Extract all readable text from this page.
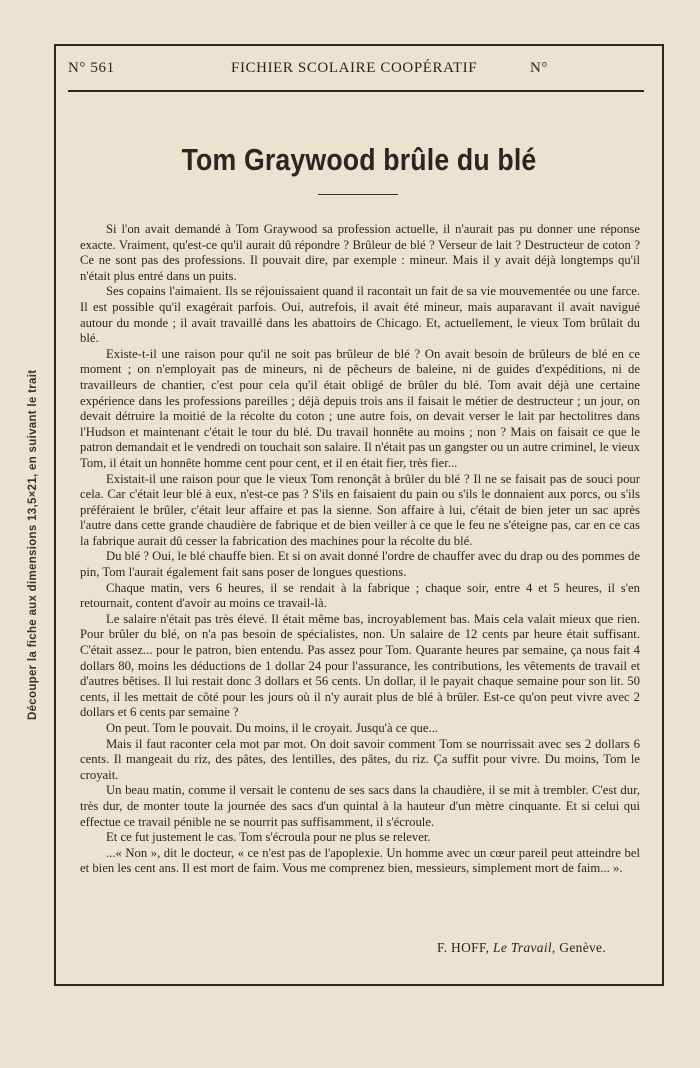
Découper la fiche aux dimensions 13,5×21, en suivant le trait
N° 561	FICHIER SCOLAIRE COOPÉRATIF	N°
Tom Graywood brûle du blé

Si l'on avait demandé à Tom Graywood sa profession actuelle, il n'aurait pas pu donner une réponse exacte. Vraiment, qu'est-ce qu'il aurait dû répondre ? Brûleur de blé ? Verseur de lait ? Destructeur de coton ? Ce ne sont pas des professions. Il pouvait dire, par exemple : mineur. Mais il y avait déjà longtemps qu'il n'était plus entré dans un puits.

Ses copains l'aimaient. Ils se réjouissaient quand il racontait un fait de sa vie mouvementée ou une farce. Il est possible qu'il exagérait parfois. Oui, autrefois, il avait été mineur, mais auparavant il avait navigué autour du monde ; il avait travaillé dans les abattoirs de Chicago. Et, actuellement, le vieux Tom brûlait du blé.

Existe-t-il une raison pour qu'il ne soit pas brûleur de blé ? On avait besoin de brûleurs de blé en ce moment ; on n'employait pas de mineurs, ni de pêcheurs de baleine, ni de guides d'expéditions, ni de travailleurs de chantier, c'est pour cela qu'il était obligé de brûler du blé. Tom avait déjà une certaine expérience dans les professions pareilles ; déjà depuis trois ans il faisait le métier de destructeur ; un jour, on devait détruire la moitié de la récolte du coton ; une autre fois, on devait verser le lait par hectolitres dans l'Hudson et maintenant c'était le tour du blé. Du travail honnête au moins ; non ? Mais on faisait ce que le patron demandait et le vendredi on touchait son salaire. Il n'était pas un gangster ou un autre criminel, le vieux Tom, il était un honnête homme cent pour cent, et il en était fier, très fier...

Existait-il une raison pour que le vieux Tom renonçât à brûler du blé ? Il ne se faisait pas de souci pour cela. Car c'était leur blé à eux, n'est-ce pas ? S'ils en faisaient du pain ou s'ils le donnaient aux porcs, ou s'ils préféraient le brûler, c'était leur affaire et pas la sienne. Son affaire à lui, c'était de bien jeter un sac après l'autre dans cette grande chaudière de fabrique et de bien veiller à ce que le feu ne s'éteigne pas, car en ce cas la fabrique aurait dû cesser la fabrication des machines pour la récolte du blé.

Du blé ? Oui, le blé chauffe bien. Et si on avait donné l'ordre de chauffer avec du drap ou des pommes de pin, Tom l'aurait également fait sans poser de longues questions.

Chaque matin, vers 6 heures, il se rendait à la fabrique ; chaque soir, entre 4 et 5 heures, il s'en retournait, content d'avoir au moins ce travail-là.

Le salaire n'était pas très élevé. Il était même bas, incroyablement bas. Mais cela valait mieux que rien. Pour brûler du blé, on n'a pas besoin de spécialistes, non. Un salaire de 12 cents par heure était suffisant. C'était assez... pour le patron, bien entendu. Pas assez pour Tom. Quarante heures par semaine, ça nous fait 4 dollars 80, moins les déductions de 1 dollar 24 pour l'assurance, les contributions, les vêtements de travail et d'autres bêtises. Il lui restait donc 3 dollars et 56 cents. Un dollar, il le payait chaque semaine pour son lit. 50 cents, il les mettait de côté pour les jours où il n'y aurait plus de blé à brûler. Est-ce qu'on peut vivre avec 2 dollars et 6 cents par semaine ?

On peut. Tom le pouvait. Du moins, il le croyait. Jusqu'à ce que...

Mais il faut raconter cela mot par mot. On doit savoir comment Tom se nourrissait avec ses 2 dollars 6 cents. Il mangeait du riz, des pâtes, des lentilles, des pâtes, du riz. Ça suffit pour vivre. Du moins, Tom le croyait.

Un beau matin, comme il versait le contenu de ses sacs dans la chaudière, il se mit à trembler. C'est dur, très dur, de monter toute la journée des sacs d'un quintal à la hauteur d'un mètre cinquante. Et si celui qui effectue ce travail pénible ne se nourrit pas suffisamment, il s'écroule.

Et ce fut justement le cas. Tom s'écroula pour ne plus se relever.

...« Non », dit le docteur, « ce n'est pas de l'apoplexie. Un homme avec un cœur pareil peut atteindre bel et bien les cent ans. Il est mort de faim. Vous me comprenez bien, messieurs, simplement mort de faim... ».

F. HOFF, Le Travail, Genève.
